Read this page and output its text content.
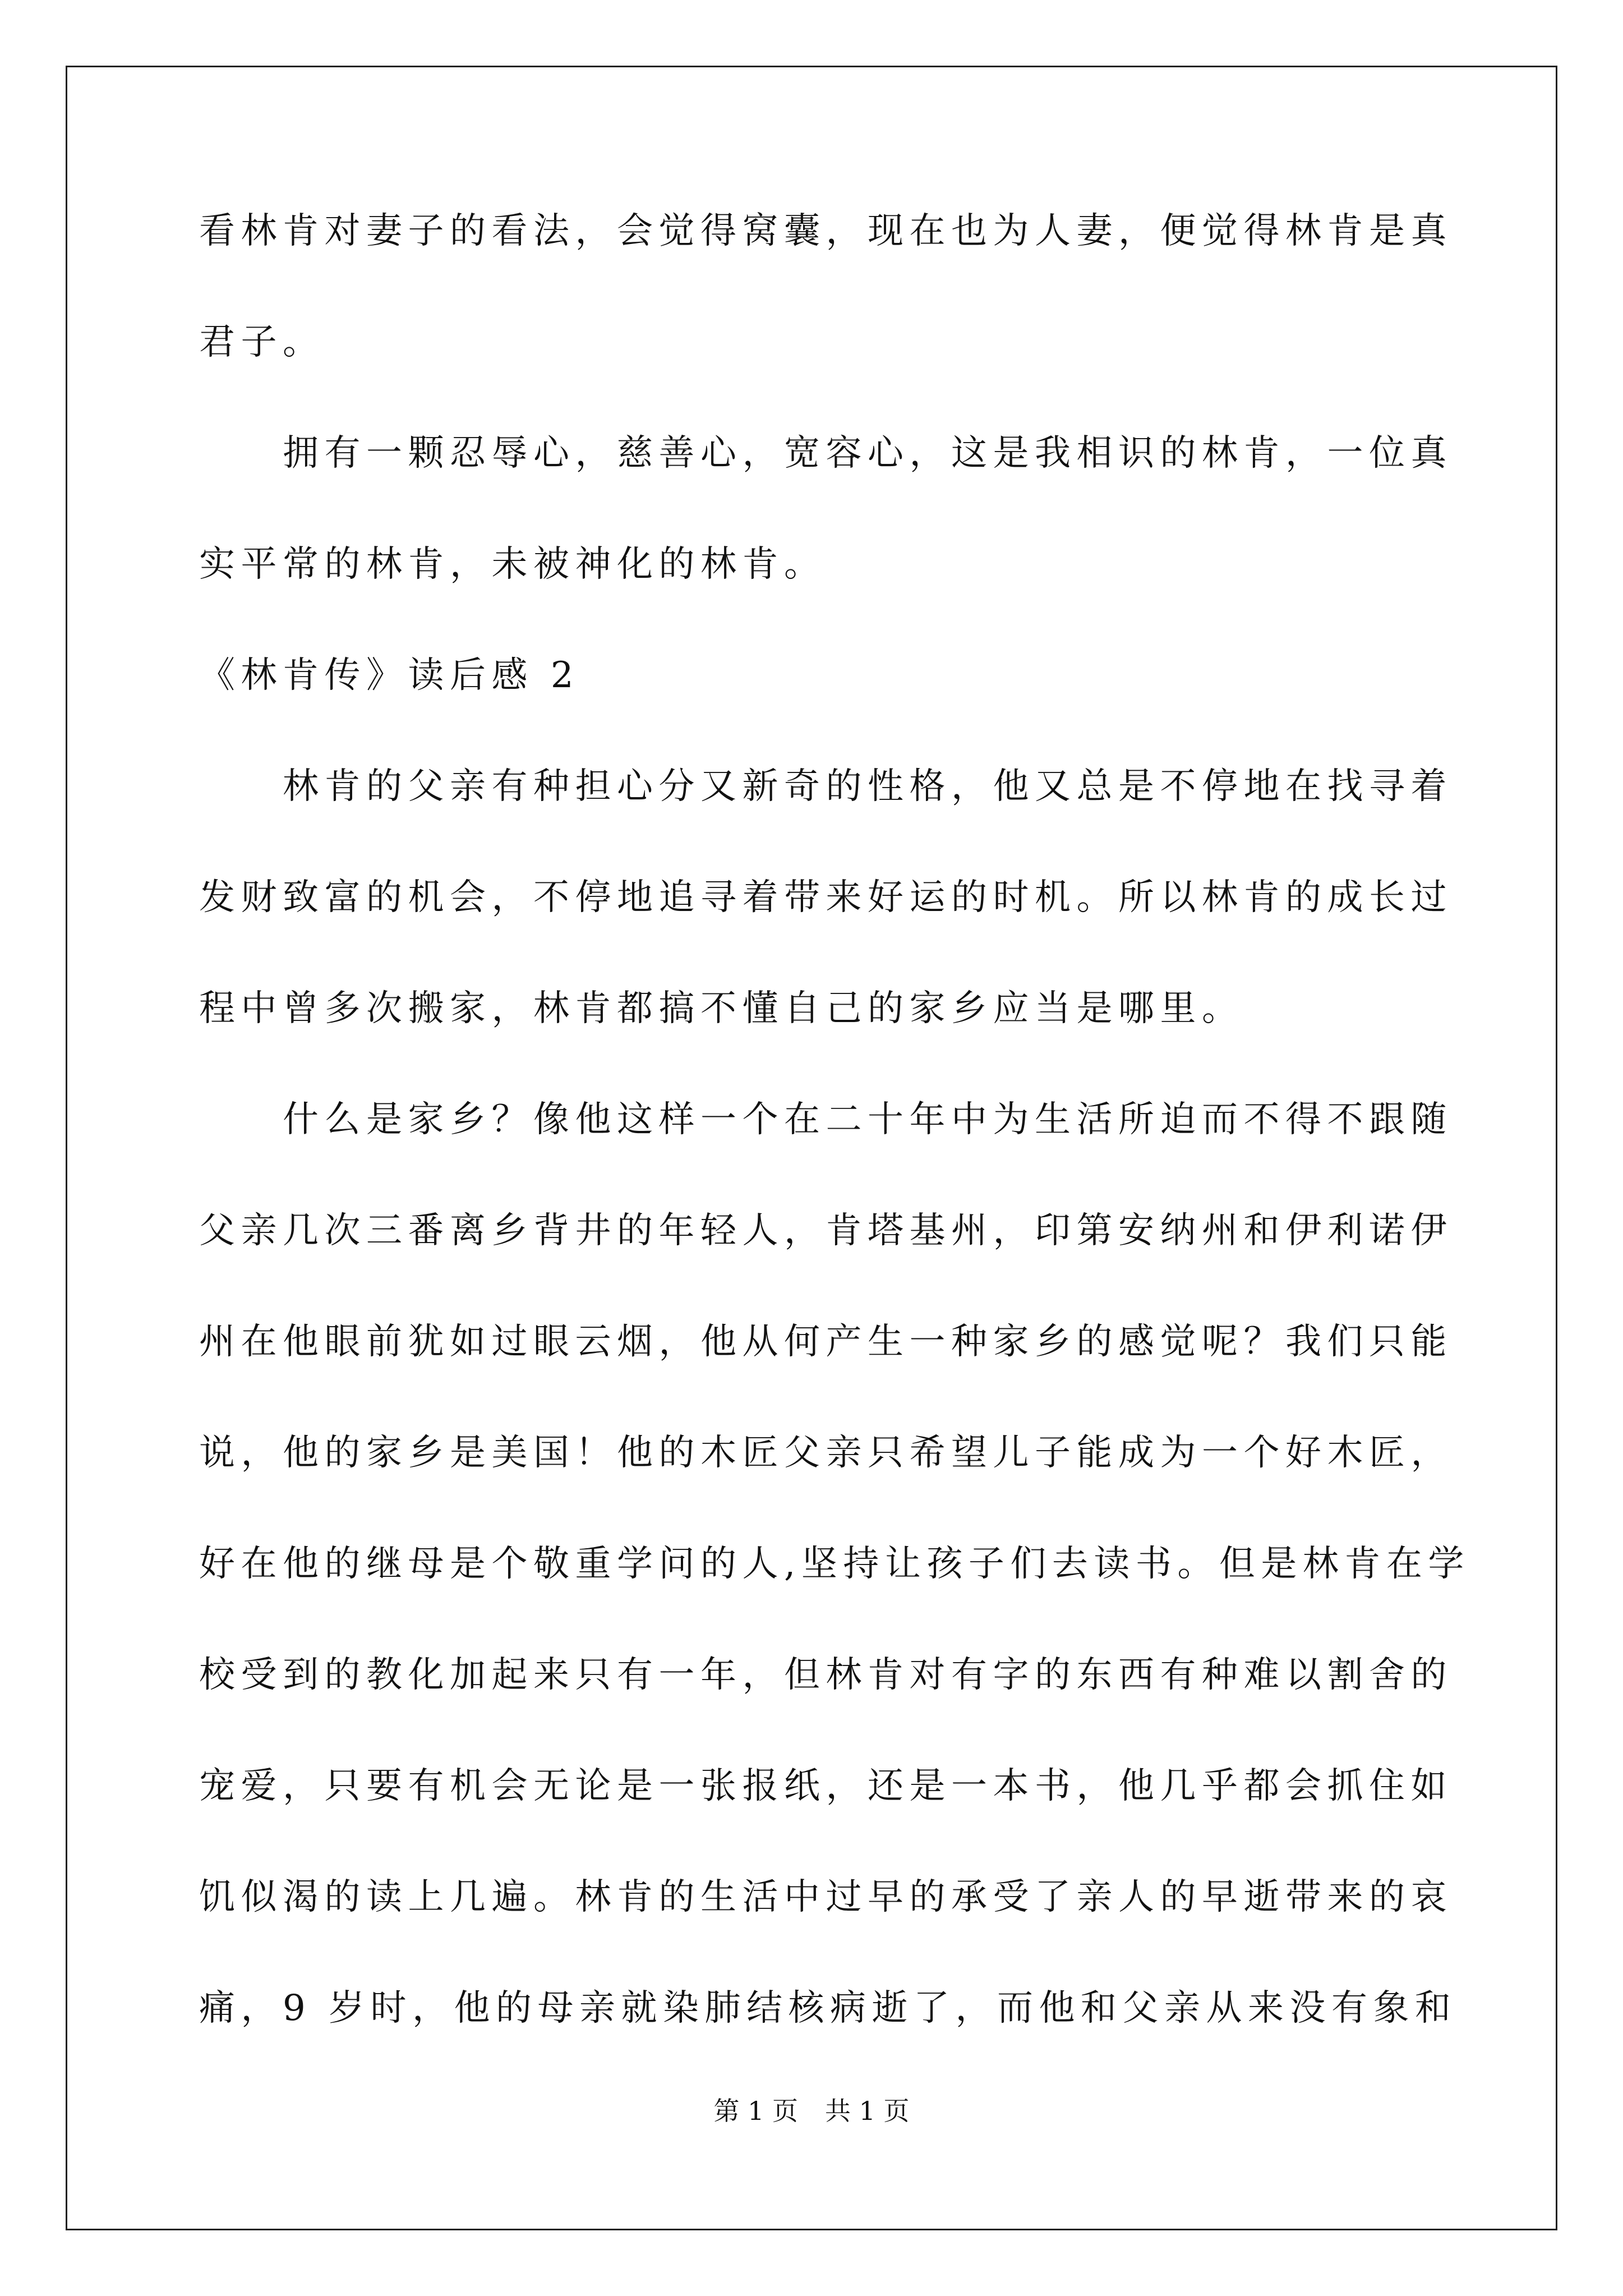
看林肯对妻子的看法，会觉得窝囊，现在也为人妻，便觉得林肯是真
君子。
　　拥有一颗忍辱心，慈善心，宽容心，这是我相识的林肯，一位真
实平常的林肯，未被神化的林肯。
《林肯传》读后感 2
　　林肯的父亲有种担心分又新奇的性格，他又总是不停地在找寻着
发财致富的机会，不停地追寻着带来好运的时机。所以林肯的成长过
程中曾多次搬家，林肯都搞不懂自己的家乡应当是哪里。
　　什么是家乡？像他这样一个在二十年中为生活所迫而不得不跟随
父亲几次三番离乡背井的年轻人，肯塔基州，印第安纳州和伊利诺伊
州在他眼前犹如过眼云烟，他从何产生一种家乡的感觉呢？我们只能
说，他的家乡是美国！他的木匠父亲只希望儿子能成为一个好木匠，
好在他的继母是个敬重学问的人,坚持让孩子们去读书。但是林肯在学
校受到的教化加起来只有一年，但林肯对有字的东西有种难以割舍的
宠爱，只要有机会无论是一张报纸，还是一本书，他几乎都会抓住如
饥似渴的读上几遍。林肯的生活中过早的承受了亲人的早逝带来的哀
痛，9 岁时，他的母亲就染肺结核病逝了，而他和父亲从来没有象和
第 1 页 共 1 页
